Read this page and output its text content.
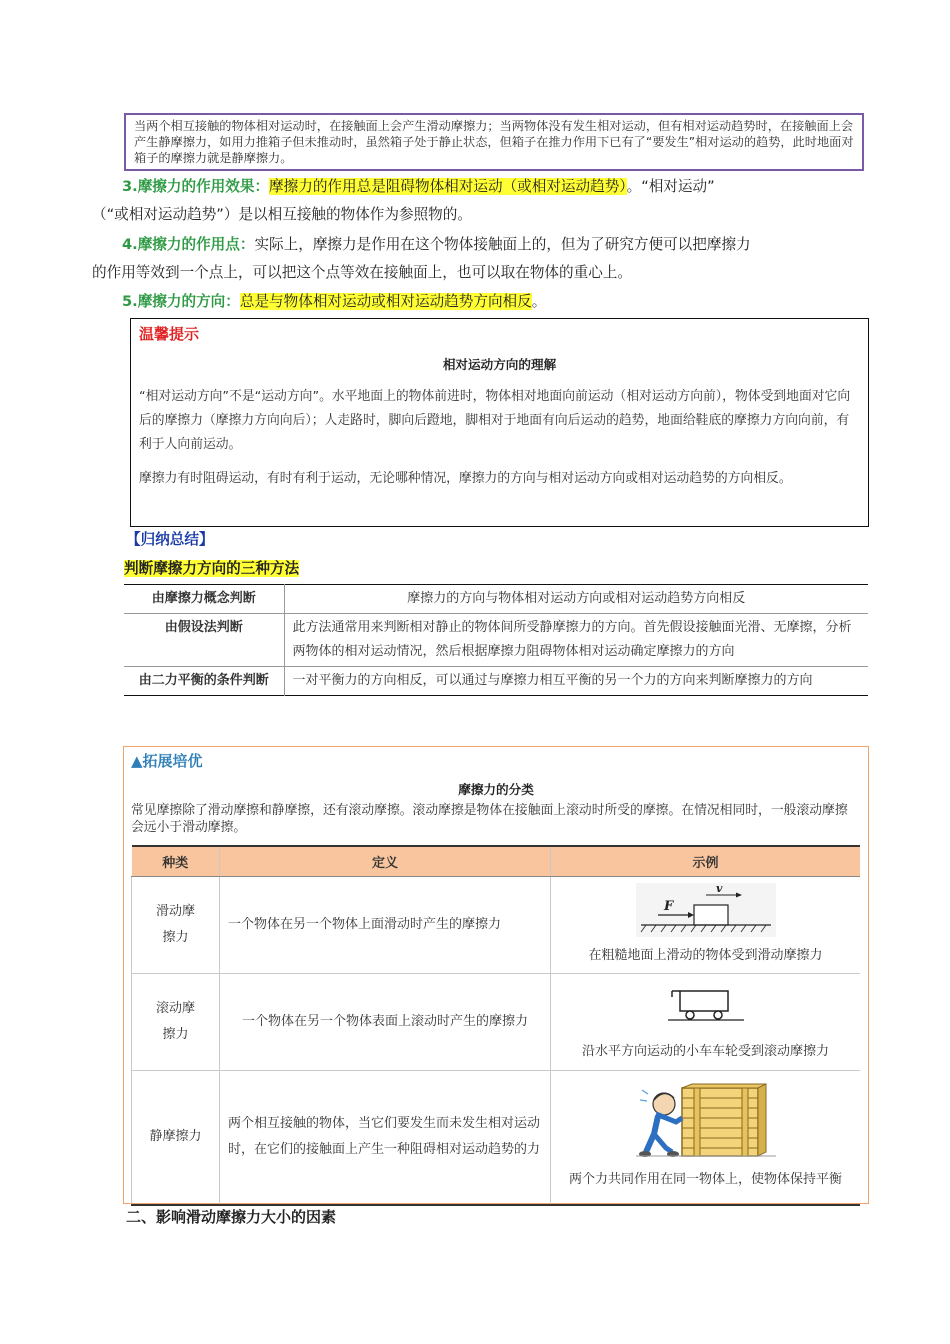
当两个相互接触的物体相对运动时，在接触面上会产生滑动摩擦力；当两物体没有发生相对运动，但有相对运动趋势时，在接触面上会产生静摩擦力，如用力推箱子但未推动时，虽然箱子处于静止状态，但箱子在推力作用下已有了“要发生”相对运动的趋势，此时地面对箱子的摩擦力就是静摩擦力。
3.摩擦力的作用效果：摩擦力的作用总是阻碍物体相对运动（或相对运动趋势）。“相对运动”
（“或相对运动趋势”）是以相互接触的物体作为参照物的。
4.摩擦力的作用点：实际上，摩擦力是作用在这个物体接触面上的，但为了研究方便可以把摩擦力
的作用等效到一个点上，可以把这个点等效在接触面上，也可以取在物体的重心上。
5.摩擦力的方向：总是与物体相对运动或相对运动趋势方向相反。
温馨提示
相对运动方向的理解
“相对运动方向”不是“运动方向”。水平地面上的物体前进时，物体相对地面向前运动（相对运动方向前），物体受到地面对它向后的摩擦力（摩擦力方向向后）；人走路时，脚向后蹬地，脚相对于地面有向后运动的趋势，地面给鞋底的摩擦力方向向前，有利于人向前运动。
摩擦力有时阻碍运动，有时有利于运动，无论哪种情况，摩擦力的方向与相对运动方向或相对运动趋势的方向相反。
【归纳总结】
判断摩擦力方向的三种方法
由摩擦力概念判断	摩擦力的方向与物体相对运动方向或相对运动趋势方向相反
由假设法判断	此方法通常用来判断相对静止的物体间所受静摩擦力的方向。首先假设接触面光滑、无摩擦，分析两物体的相对运动情况，然后根据摩擦力阻碍物体相对运动确定摩擦力的方向
由二力平衡的条件判断	一对平衡力的方向相反，可以通过与摩擦力相互平衡的另一个力的方向来判断摩擦力的方向
▲拓展培优
摩擦力的分类
常见摩擦除了滑动摩擦和静摩擦，还有滚动摩擦。滚动摩擦是物体在接触面上滚动时所受的摩擦。在情况相同时，一般滚动摩擦会远小于滑动摩擦。
种类	定义	示例
滑动摩擦力	一个物体在另一个物体上面滑动时产生的摩擦力	F
v
在粗糙地面上滑动的物体受到滑动摩擦力

滚动摩擦力	一个物体在另一个物体表面上滚动时产生的摩擦力	沿水平方向运动的小车车轮受到滚动摩擦力

静摩擦力	两个相互接触的物体，当它们要发生而未发生相对运动时，在它们的接触面上产生一种阻碍相对运动趋势的力	两个力共同作用在同一物体上，使物体保持平衡
二、影响滑动摩擦力大小的因素
